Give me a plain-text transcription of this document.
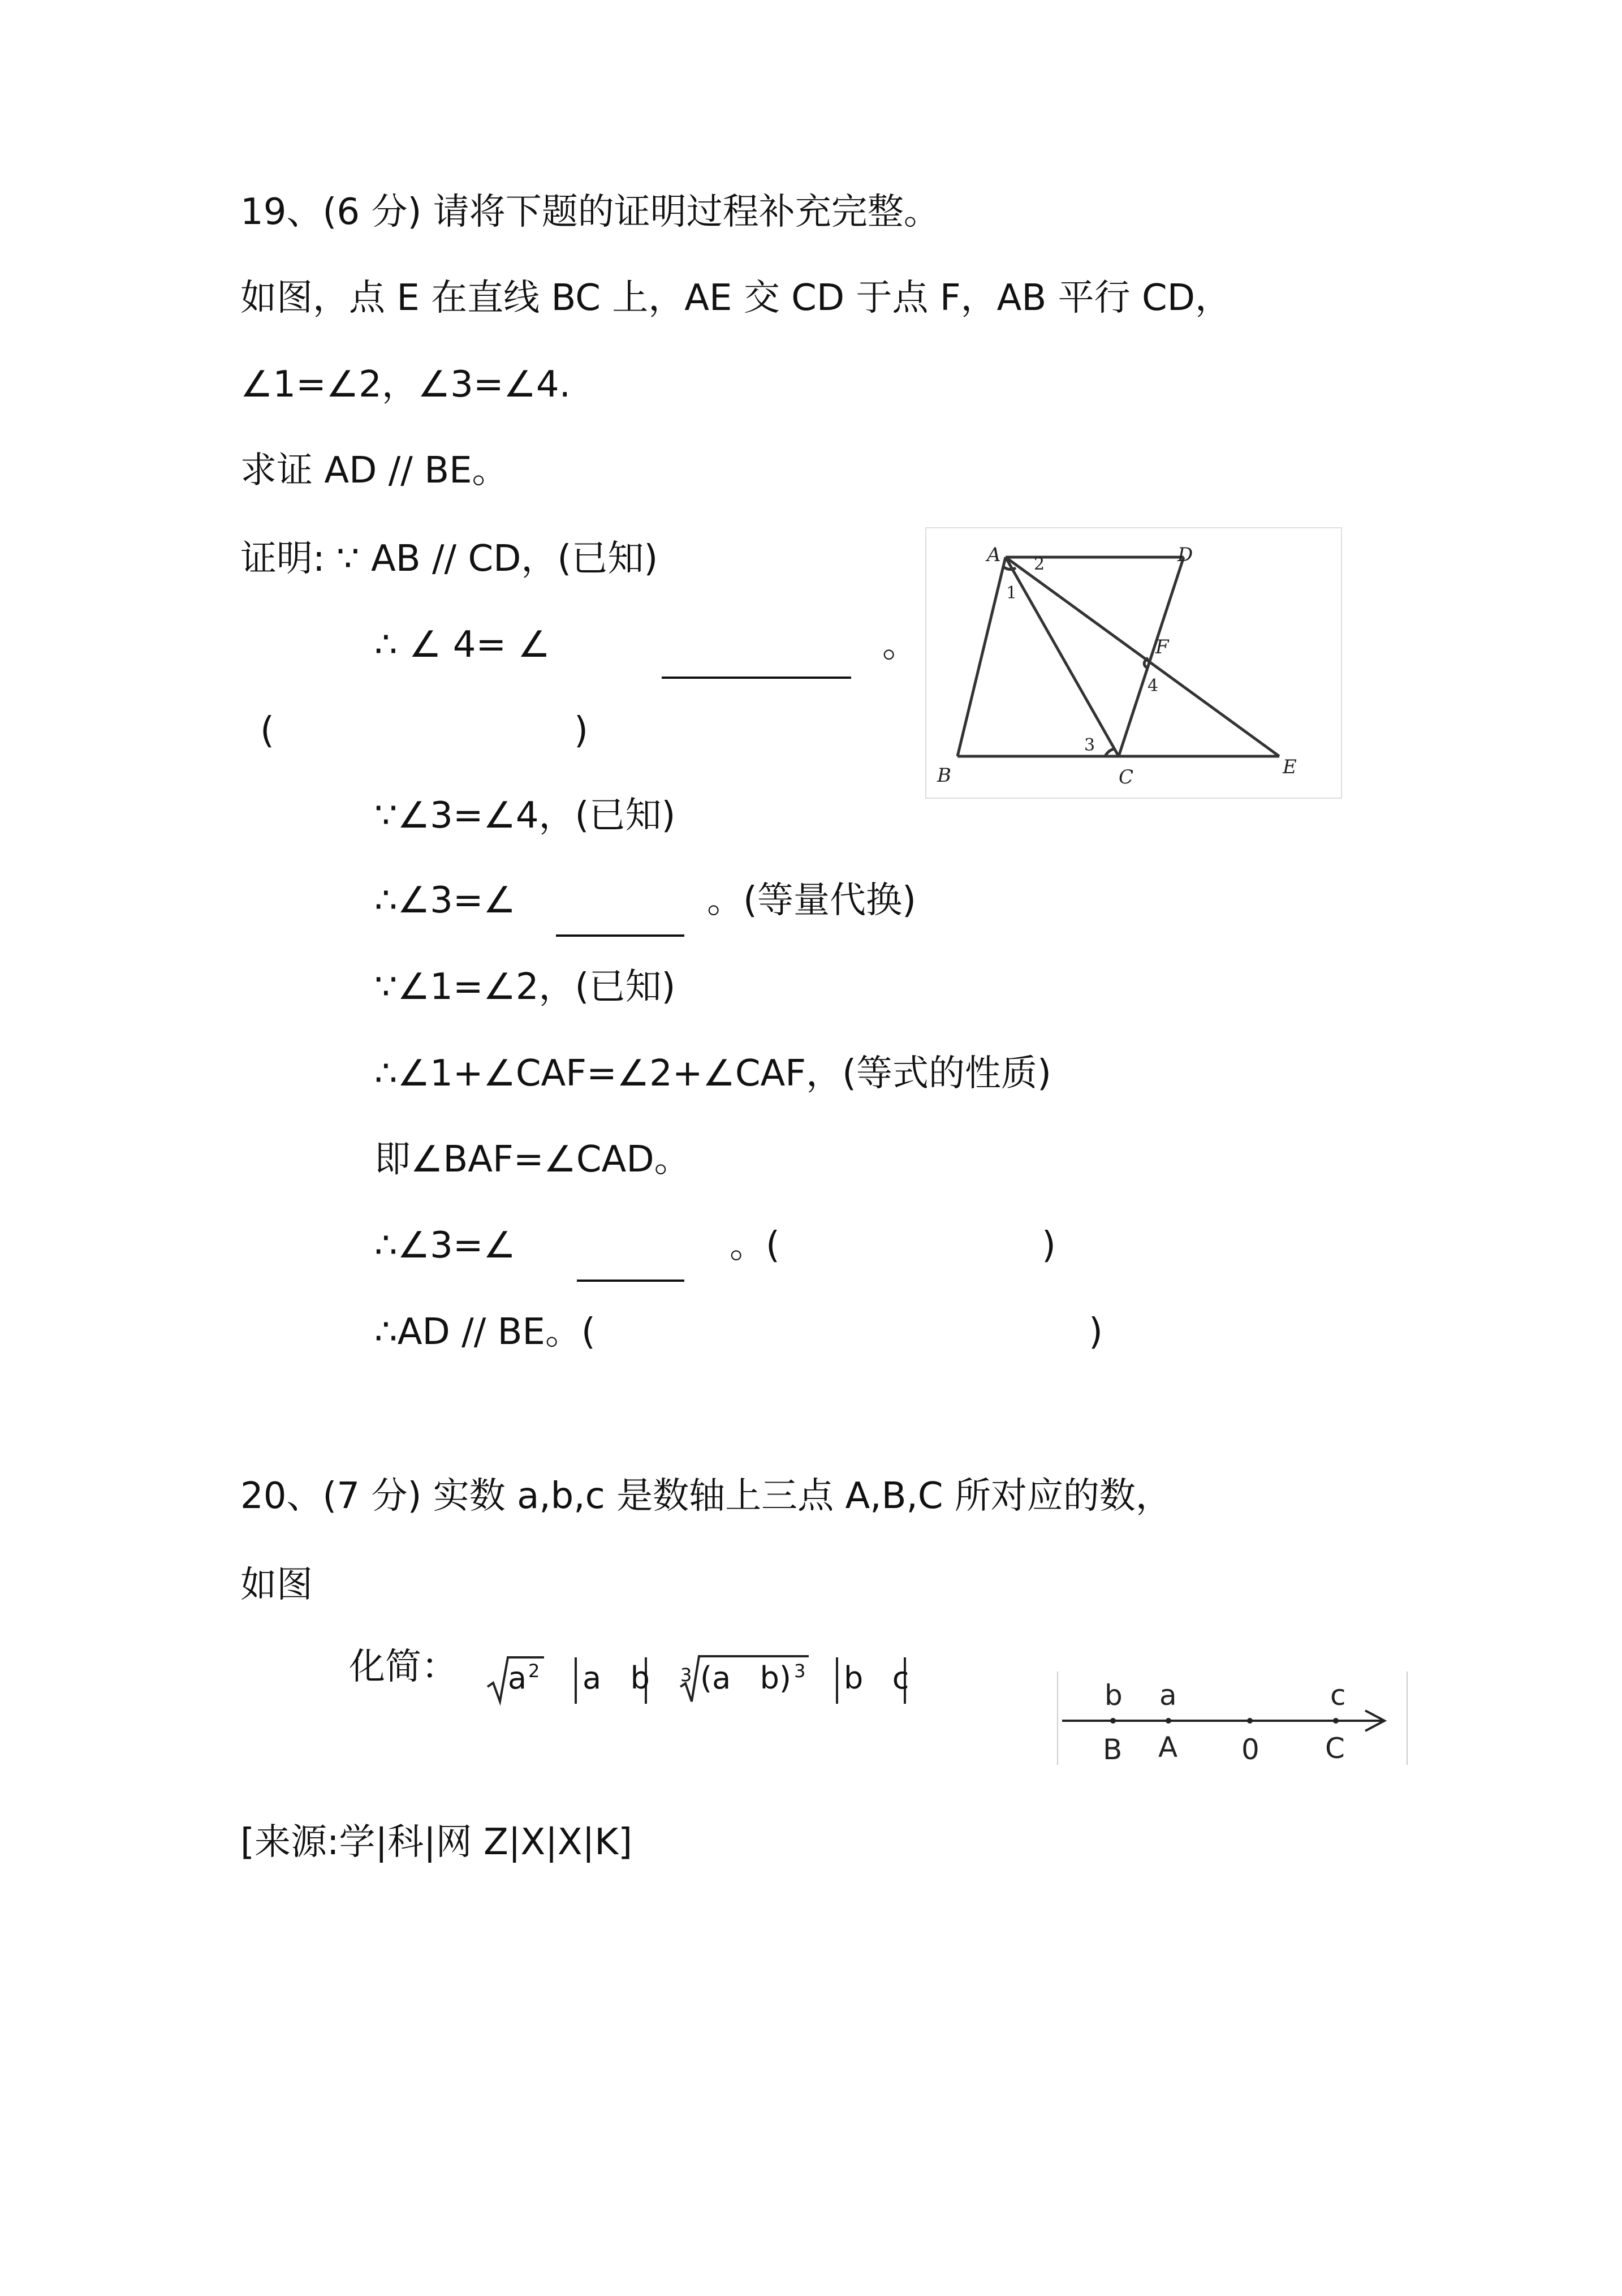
19、(6 分) 请将下题的证明过程补充完整。
如图，点 E 在直线 BC 上，AE 交 CD 于点 F，AB 平行 CD，
∠1=∠2，∠3=∠4.
求证 AD // BE。
证明: ∵ AB // CD，(已知)
∴ ∠ 4= ∠	。
(	)
∵∠3=∠4，(已知)
∴∠3=∠	。(等量代换)
∵∠1=∠2，(已知)
∴∠1+∠CAF=∠2+∠CAF，(等式的性质)
即∠BAF=∠CAD。
∴∠3=∠	。(	)
∴AD // BE。(	)
A	D
F
B	C	E
2
1
4
3
20、(7 分) 实数 a,b,c 是数轴上三点 A,B,C 所对应的数，
如图
化简： a 2 a   b 3 (a   b) 3 b   c	b a	c
B A 0 C
[来源:学|科|网 Z|X|X|K]
